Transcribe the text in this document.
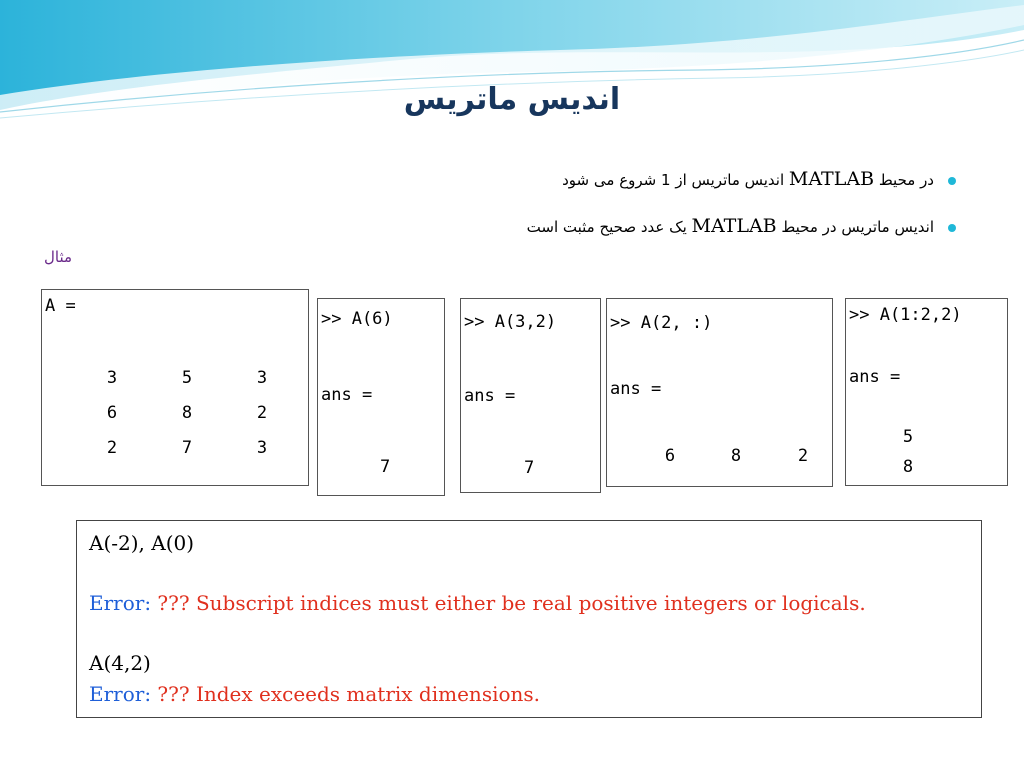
اندیس ماتریس
در محیط MATLAB اندیس ماتریس از 1 شروع می شود
اندیس ماتریس در محیط MATLAB یک عدد صحیح مثبت است
مثال
A =
3	5	3
6	8	2
2	7	3
>> A(6)
ans =
7
>> A(3,2)
ans =
7
>> A(2, :)
ans =
6	8	2
>> A(1:2,2)
ans =
5
8
A(-2), A(0)
Error: ??? Subscript indices must either be real positive integers or logicals.
A(4,2)
Error: ??? Index exceeds matrix dimensions.
